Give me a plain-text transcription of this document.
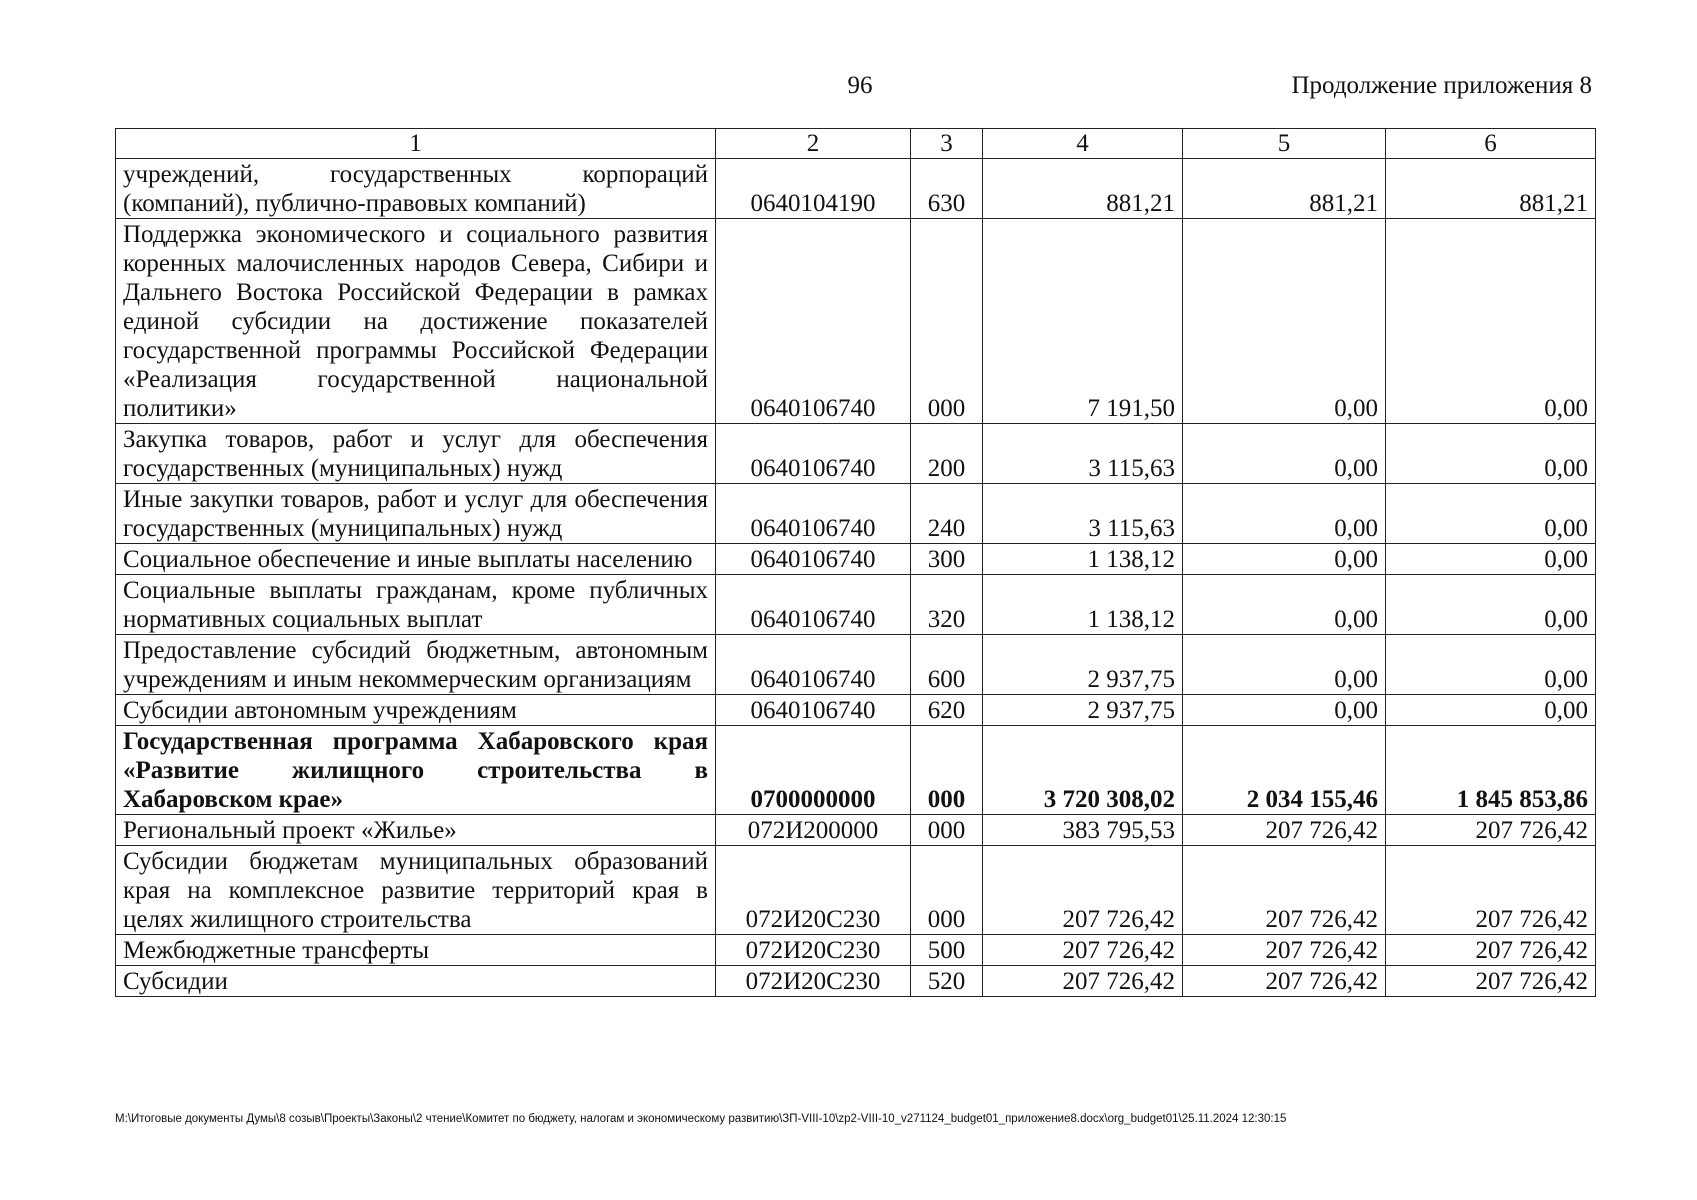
96	Продолжение приложения 8
1	2	3	4	5	6
учреждений, государственных корпораций (компаний), публично-правовых компаний)	0640104190	630	881,21	881,21	881,21
Поддержка экономического и социального развития коренных малочисленных народов Севера, Сибири и Дальнего Востока Российской Федерации в рамках единой субсидии на достижение показателей государственной программы Российской Федерации «Реализация государственной национальной политики»	0640106740	000	7 191,50	0,00	0,00
Закупка товаров, работ и услуг для обеспечения государственных (муниципальных) нужд	0640106740	200	3 115,63	0,00	0,00
Иные закупки товаров, работ и услуг для обеспечения государственных (муниципальных) нужд	0640106740	240	3 115,63	0,00	0,00
Социальное обеспечение и иные выплаты населению	0640106740	300	1 138,12	0,00	0,00
Социальные выплаты гражданам, кроме публичных нормативных социальных выплат	0640106740	320	1 138,12	0,00	0,00
Предоставление субсидий бюджетным, автономным учреждениям и иным некоммерческим организациям	0640106740	600	2 937,75	0,00	0,00
Субсидии автономным учреждениям	0640106740	620	2 937,75	0,00	0,00
Государственная программа Хабаровского края «Развитие жилищного строительства в Хабаровском крае»	0700000000	000	3 720 308,02	2 034 155,46	1 845 853,86
Региональный проект «Жилье»	072И200000	000	383 795,53	207 726,42	207 726,42
Субсидии бюджетам муниципальных образований края на комплексное развитие территорий края в целях жилищного строительства	072И20С230	000	207 726,42	207 726,42	207 726,42
Межбюджетные трансферты	072И20С230	500	207 726,42	207 726,42	207 726,42
Субсидии	072И20С230	520	207 726,42	207 726,42	207 726,42
M:\Итоговые документы Думы\8 созыв\Проекты\Законы\2 чтение\Комитет по бюджету, налогам и экономическому развитию\ЗП-VIII-10\zp2-VIII-10_v271124_budget01_приложение8.docx\org_budget01\25.11.2024 12:30:15
